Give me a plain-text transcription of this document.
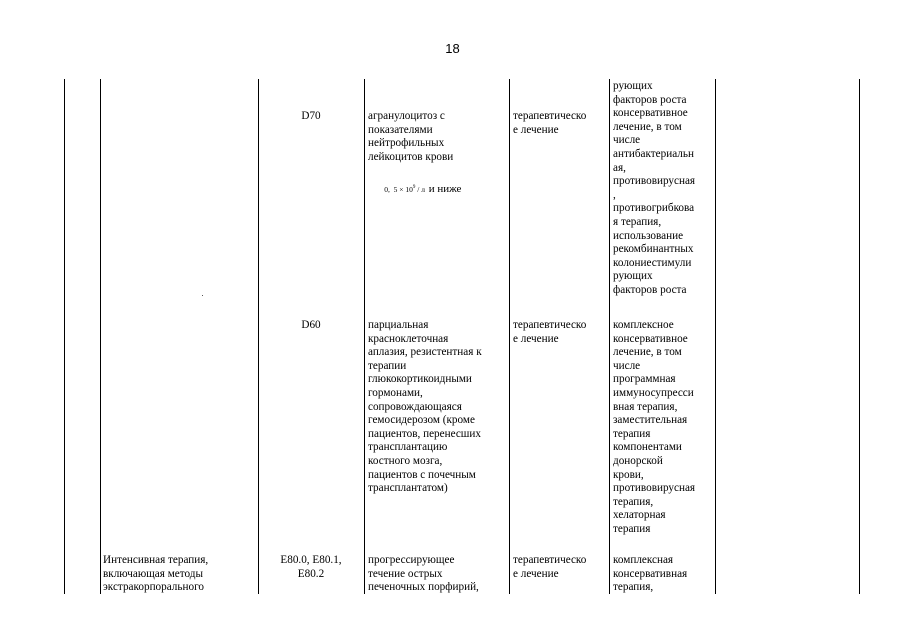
18
D70	агранулоцитоз с
показателями
нейтрофильных
лейкоцитов крови

0,  $5 \times 10^9 / л$ и ниже

терапевтическо
е лечение
рующих
факторов роста
консервативное
лечение, в том
числе
антибактериальн
ая,
противовирусная
,
противогрибкова
я терапия,
использование
рекомбинантных
колониестимули
рующих
факторов роста
D60	парциальная
красноклеточная
аплазия, резистентная к
терапии
глюкокортикоидными
гормонами,
сопровождающаяся
гемосидерозом (кроме
пациентов, перенесших
трансплантацию
костного мозга,
пациентов с почечным
трансплантатом)
терапевтическо
е лечение
комплексное
консервативное
лечение, в том
числе
программная
иммуносупресси
вная терапия,
заместительная
терапия
компонентами
донорской
крови,
противовирусная
терапия,
хелаторная
терапия
Интенсивная терапия,
включающая методы
экстракорпорального
E80.0, E80.1,
E80.2
прогрессирующее
течение острых
печеночных порфирий,
терапевтическо
е лечение
комплексная
консервативная
терапия,
